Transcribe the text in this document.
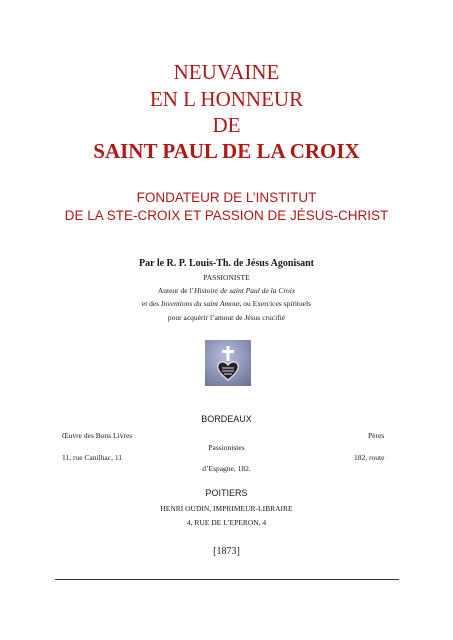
NEUVAINE
EN L HONNEUR
DE
SAINT PAUL DE LA CROIX
FONDATEUR DE L’INSTITUT
DE LA STE-CROIX ET PASSION DE JÉSUS-CHRIST
Par le R. P. Louis-Th. de Jésus Agonisant
PASSIONISTE
Auteur de l’Histoire de saint Paul de la Croix
et des Inventions du saint Amour, ou Exercices spirituels
pour acquérir l’amour de Jésus crucifié
BORDEAUX
Œuvre des Bons Livres	Pères
Passionistes
11, rue Canilhac, 11	182, route
d’Espagne, 182.
POITIERS
HENRI OUDIN, IMPRIMEUR-LIBRAIRE
4, RUE DE L’EPERON, 4
[1873]
